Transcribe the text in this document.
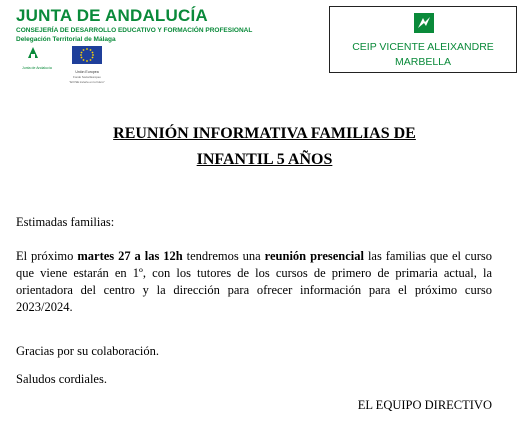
JUNTA DE ANDALUCÍA
CONSEJERÍA DE DESARROLLO EDUCATIVO Y FORMACIÓN PROFESIONAL
Delegación Territorial de Málaga
Junta de Andalucía
Unión Europea
Fondo Social Europeo
"El FSE invierte en tu futuro"
CEIP VICENTE ALEIXANDRE
MARBELLA
REUNIÓN INFORMATIVA FAMILIAS DE
INFANTIL 5 AÑOS
Estimadas familias:
El próximo martes 27 a las 12h tendremos una reunión presencial las familias que el curso que viene estarán en 1º, con los tutores de los cursos de primero de primaria actual, la orientadora del centro y la dirección para ofrecer información para el próximo curso 2023/2024.
Gracias por su colaboración.
Saludos cordiales.
EL EQUIPO DIRECTIVO
